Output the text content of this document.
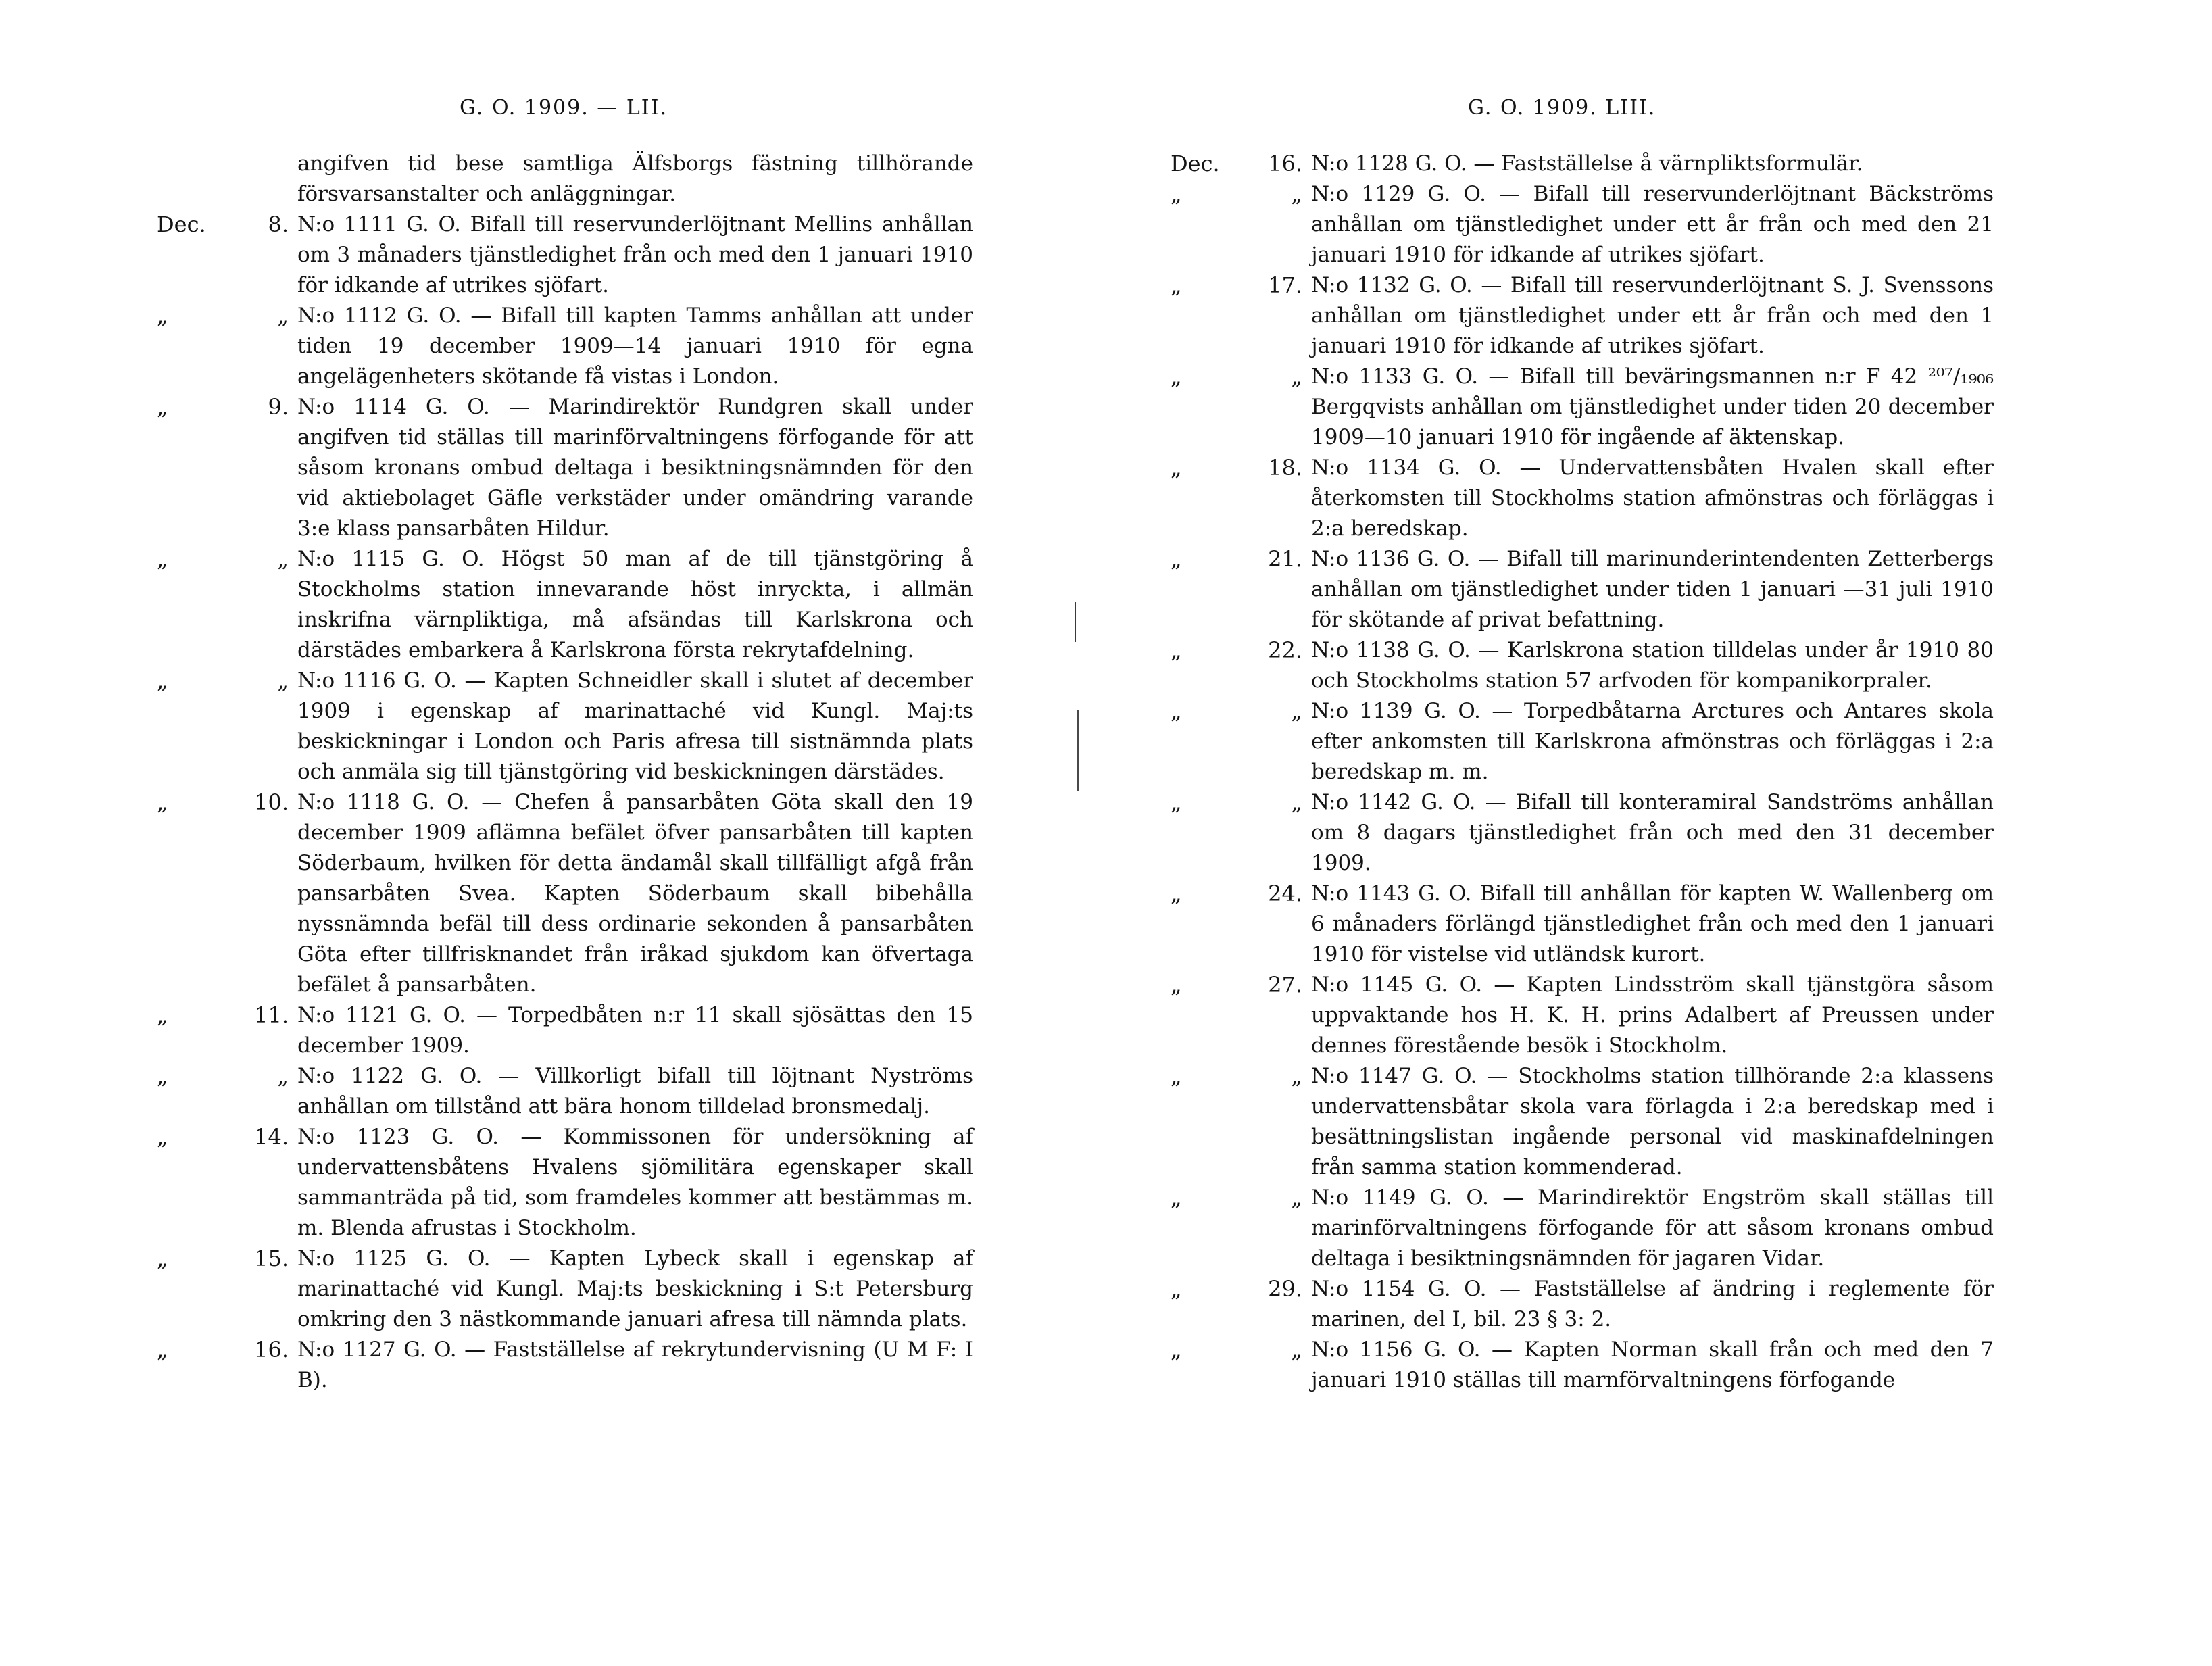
G. O. 1909. — LII.
angifven tid bese samtliga Älfsborgs fästning tillhörande försvarsanstalter och anläggningar.
Dec.	8. N:o 1111 G. O. Bifall till reservunderlöjtnant Mellins anhållan om 3 månaders tjänstledighet från och med den 1 januari 1910 för idkande af utrikes sjöfart.
„	„ N:o 1112 G. O. — Bifall till kapten Tamms anhållan att under tiden 19 december 1909—14 januari 1910 för egna angelägenheters skötande få vistas i London.
„	9. N:o 1114 G. O. — Marindirektör Rundgren skall under angifven tid ställas till marinförvaltningens förfogande för att såsom kronans ombud deltaga i besiktningsnämnden för den vid aktiebolaget Gäfle verkstäder under omändring varande 3:e klass pansarbåten Hildur.
„	„ N:o 1115 G. O. Högst 50 man af de till tjänstgöring å Stockholms station innevarande höst inryckta, i allmän inskrifna värnpliktiga, må afsändas till Karlskrona och därstädes embarkera å Karlskrona första rekrytafdelning.
„	„ N:o 1116 G. O. — Kapten Schneidler skall i slutet af december 1909 i egenskap af marinattaché vid Kungl. Maj:ts beskickningar i London och Paris afresa till sistnämnda plats och anmäla sig till tjänstgöring vid beskickningen därstädes.
„	10. N:o 1118 G. O. — Chefen å pansarbåten Göta skall den 19 december 1909 aflämna befälet öfver pansarbåten till kapten Söderbaum, hvilken för detta ändamål skall tillfälligt afgå från pansarbåten Svea. Kapten Söderbaum skall bibehålla nyssnämnda befäl till dess ordinarie sekonden å pansarbåten Göta efter tillfrisknandet från iråkad sjukdom kan öfvertaga befälet å pansarbåten.
„	11. N:o 1121 G. O. — Torpedbåten n:r 11 skall sjösättas den 15 december 1909.
„	„ N:o 1122 G. O. — Villkorligt bifall till löjtnant Nyströms anhållan om tillstånd att bära honom tilldelad bronsmedalj.
„	14. N:o 1123 G. O. — Kommissonen för undersökning af undervattensbåtens Hvalens sjömilitära egenskaper skall sammanträda på tid, som framdeles kommer att bestämmas m. m. Blenda afrustas i Stockholm.
„	15. N:o 1125 G. O. — Kapten Lybeck skall i egenskap af marinattaché vid Kungl. Maj:ts beskickning i S:t Petersburg omkring den 3 nästkommande januari afresa till nämnda plats.
„	16. N:o 1127 G. O. — Fastställelse af rekrytundervisning (U M F: I B).
G. O. 1909. LIII.
Dec.	16. N:o 1128 G. O. — Fastställelse å värnpliktsformulär.
„	„ N:o 1129 G. O. — Bifall till reservunderlöjtnant Bäckströms anhållan om tjänstledighet under ett år från och med den 21 januari 1910 för idkande af utrikes sjöfart.
„	17. N:o 1132 G. O. — Bifall till reservunderlöjtnant S. J. Svenssons anhållan om tjänstledighet under ett år från och med den 1 januari 1910 för idkande af utrikes sjöfart.
„	„ N:o 1133 G. O. — Bifall till beväringsmannen n:r F 42 ²⁰⁷/₁₉₀₆ Bergqvists anhållan om tjänstledighet under tiden 20 december 1909—10 januari 1910 för ingående af äktenskap.
„	18. N:o 1134 G. O. — Undervattensbåten Hvalen skall efter återkomsten till Stockholms station afmönstras och förläggas i 2:a beredskap.
„	21. N:o 1136 G. O. — Bifall till marinunderintendenten Zetterbergs anhållan om tjänstledighet under tiden 1 januari —31 juli 1910 för skötande af privat befattning.
„	22. N:o 1138 G. O. — Karlskrona station tilldelas under år 1910 80 och Stockholms station 57 arfvoden för kompanikorpraler.
„	„ N:o 1139 G. O. — Torpedbåtarna Arctures och Antares skola efter ankomsten till Karlskrona afmönstras och förläggas i 2:a beredskap m. m.
„	„ N:o 1142 G. O. — Bifall till konteramiral Sandströms anhållan om 8 dagars tjänstledighet från och med den 31 december 1909.
„	24. N:o 1143 G. O. Bifall till anhållan för kapten W. Wallenberg om 6 månaders förlängd tjänstledighet från och med den 1 januari 1910 för vistelse vid utländsk kurort.
„	27. N:o 1145 G. O. — Kapten Lindsström skall tjänstgöra såsom uppvaktande hos H. K. H. prins Adalbert af Preussen under dennes förestående besök i Stockholm.
„	„ N:o 1147 G. O. — Stockholms station tillhörande 2:a klassens undervattensbåtar skola vara förlagda i 2:a beredskap med i besättningslistan ingående personal vid maskinafdelningen från samma station kommenderad.
„	„ N:o 1149 G. O. — Marindirektör Engström skall ställas till marinförvaltningens förfogande för att såsom kronans ombud deltaga i besiktningsnämnden för jagaren Vidar.
„	29. N:o 1154 G. O. — Fastställelse af ändring i reglemente för marinen, del I, bil. 23 § 3: 2.
„	„ N:o 1156 G. O. — Kapten Norman skall från och med den 7 januari 1910 ställas till marnförvaltningens förfogande
